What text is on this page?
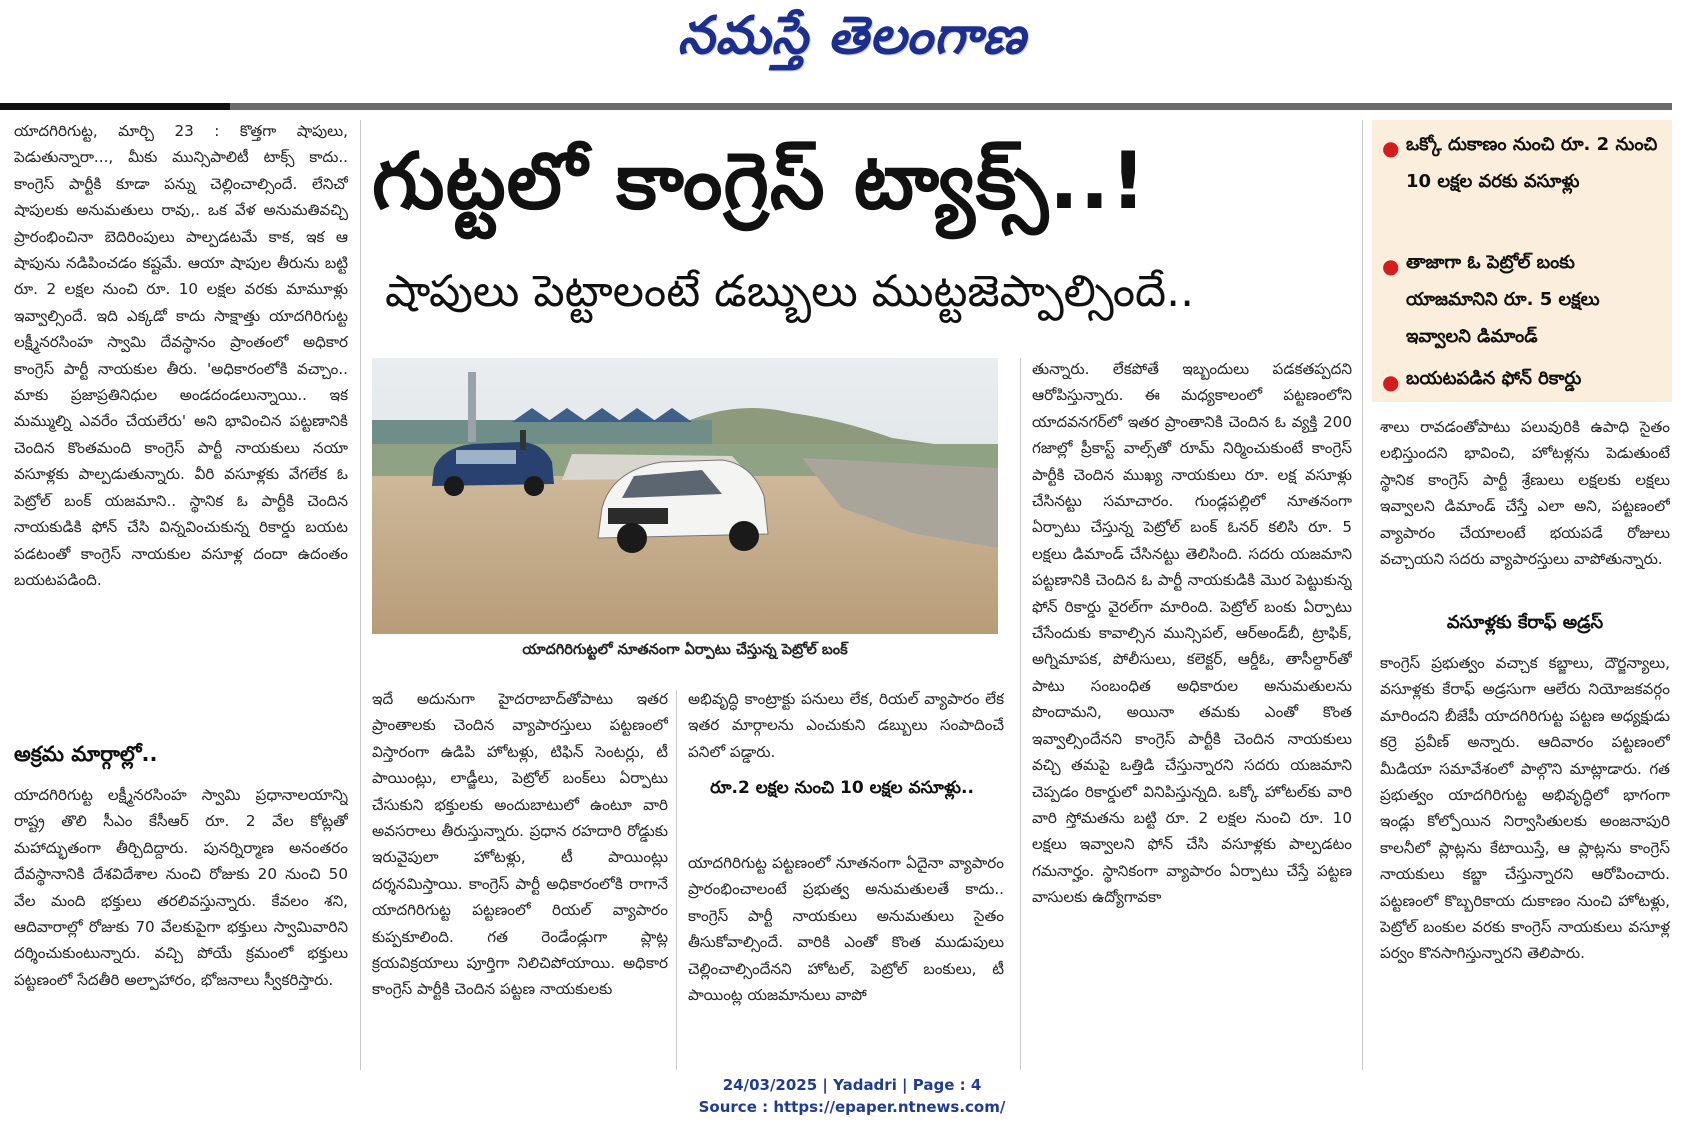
నమస్తే తెలంగాణ
యాదగిరిగుట్ట, మార్చి 23 : కొత్తగా షాపులు, పెడుతున్నారా..., మీకు మున్సిపాలిటీ టాక్స్‌ కాదు.. కాంగ్రెస్‌ పార్టీకి కూడా పన్ను చెల్లించాల్సిందే. లేనిచో షాపులకు అనుమతులు రావు,. ఒక వేళ అనుమతివచ్చి ప్రారంభించినా బెదిరింపులు పాల్పడటమే కాక, ఇక ఆ షాపును నడిపించడం కష్టమే. ఆయా షాపుల తీరును బట్టి రూ. 2 లక్షల నుంచి రూ. 10 లక్షల వరకు మామూళ్లు ఇవ్వాల్సిందే. ఇది ఎక్కడో కాదు సాక్షాత్తు యాదగిరిగుట్ట లక్ష్మీనరసింహ స్వామి దేవస్థానం ప్రాంతంలో అధికార కాంగ్రెస్‌ పార్టీ నాయకుల తీరు. 'అధికారంలోకి వచ్చాం.. మాకు ప్రజాప్రతినిధుల అండదండలున్నాయి.. ఇక మమ్ముల్ని ఎవరేం చేయలేరు' అని భావించిన పట్టణానికి చెందిన కొంతమంది కాంగ్రెస్‌ పార్టీ నాయకులు నయా వసూళ్లకు పాల్పడుతున్నారు. వీరి వసూళ్లకు వేగలేక ఓ పెట్రోల్‌ బంక్‌ యజమాని.. స్థానిక ఓ పార్టీకి చెందిన నాయకుడికి ఫోన్‌ చేసి విన్నవించుకున్న రికార్డు బయట పడటంతో కాంగ్రెస్‌ నాయకుల వసూళ్ల దందా ఉదంతం బయటపడింది.
అక్రమ మార్గాల్లో..
యాదగిరిగుట్ట లక్ష్మీనరసింహ స్వామి ప్రధానాలయాన్ని రాష్ట్ర తొలి సీఎం కేసీఆర్‌ రూ. 2 వేల కోట్లతో మహాద్భుతంగా తీర్చిదిద్దారు. పునర్నిర్మాణ అనంతరం దేవస్థానానికి దేశవిదేశాల నుంచి రోజుకు 20 నుంచి 50 వేల మంది భక్తులు తరలివస్తున్నారు. కేవలం శని, ఆదివారాల్లో రోజుకు 70 వేలకుపైగా భక్తులు స్వామివారిని దర్శించుకుంటున్నారు. వచ్చి పోయే క్రమంలో భక్తులు పట్టణంలో సేదతీరి అల్పాహారం, భోజనాలు స్వీకరిస్తారు.
గుట్టలో కాంగ్రెస్‌ ట్యాక్స్‌..!
షాపులు పెట్టాలంటే డబ్బులు ముట్టజెప్పాల్సిందే..
యాదగిరిగుట్టలో నూతనంగా ఏర్పాటు చేస్తున్న పెట్రోల్‌ బంక్‌
ఇదే అదునుగా హైదరాబాద్‌తోపాటు ఇతర ప్రాంతాలకు చెందిన వ్యాపారస్తులు పట్టణంలో విస్తారంగా ఉడిపి హోటళ్లు, టిఫిన్‌ సెంటర్లు, టీ పాయింట్లు, లాడ్జీలు, పెట్రోల్‌ బంక్‌లు ఏర్పాటు చేసుకుని భక్తులకు అందుబాటులో ఉంటూ వారి అవసరాలు తీరుస్తున్నారు. ప్రధాన రహదారి రోడ్డుకు ఇరువైపులా హోటళ్లు, టీ పాయింట్లు దర్శనమిస్తాయి. కాంగ్రెస్‌ పార్టీ అధికారంలోకి రాగానే యాదగిరిగుట్ట పట్టణంలో రియల్‌ వ్యాపారం కుప్పకూలింది. గత రెండేండ్లుగా ప్లాట్ల క్రయవిక్రయాలు పూర్తిగా నిలిచిపోయాయి. అధికార కాంగ్రెస్‌ పార్టీకి చెందిన పట్టణ నాయకులకు
అభివృద్ధి కాంట్రాక్టు పనులు లేక, రియల్‌ వ్యాపారం లేక ఇతర మార్గాలను ఎంచుకుని డబ్బులు సంపాదించే పనిలో పడ్డారు.
రూ.2 లక్షల నుంచి 10 లక్షల వసూళ్లు..
యాదగిరిగుట్ట పట్టణంలో నూతనంగా ఏదైనా వ్యాపారం ప్రారంభించాలంటే ప్రభుత్వ అనుమతులతే కాదు.. కాంగ్రెస్‌ పార్టీ నాయకులు అనుమతులు సైతం తీసుకోవాల్సిందే. వారికి ఎంతో కొంత ముడుపులు చెల్లించాల్సిందేనని హోటల్‌, పెట్రోల్‌ బంకులు, టీ పాయింట్ల యజమానులు వాపో
తున్నారు. లేకపోతే ఇబ్బందులు పడకతప్పదని ఆరోపిస్తున్నారు. ఈ మధ్యకాలంలో పట్టణంలోని యాదవనగర్‌లో ఇతర ప్రాంతానికి చెందిన ఓ వ్యక్తి 200 గజాల్లో ప్రీకాస్ట్‌ వాల్స్‌తో రూమ్‌ నిర్మించుకుంటే కాంగ్రెస్‌ పార్టీకి చెందిన ముఖ్య నాయకులు రూ. లక్ష వసూళ్లు చేసినట్టు సమాచారం. గుండ్లపల్లిలో నూతనంగా ఏర్పాటు చేస్తున్న పెట్రోల్‌ బంక్‌ ఓనర్‌ కలిసి రూ. 5 లక్షలు డిమాండ్‌ చేసినట్టు తెలిసింది. సదరు యజమాని పట్టణానికి చెందిన ఓ పార్టీ నాయకుడికి మొర పెట్టుకున్న ఫోన్‌ రికార్డు వైరల్‌గా మారింది. పెట్రోల్‌ బంకు ఏర్పాటు చేసేందుకు కావాల్సిన మున్సిపల్‌, ఆర్‌అండ్‌బీ, ట్రాఫిక్‌, అగ్నిమాపక, పోలీసులు, కలెక్టర్‌, ఆర్డీఓ, తాసీల్దార్‌తో పాటు సంబంధిత అధికారుల అనుమతులను పొందామని, అయినా తమకు ఎంతో కొంత ఇవ్వాల్సిందేనని కాంగ్రెస్‌ పార్టీకి చెందిన నాయకులు వచ్చి తమపై ఒత్తిడి చేస్తున్నారని సదరు యజమాని చెప్పడం రికార్డులో వినిపిస్తున్నది. ఒక్కో హోటల్‌కు వారి వారి స్తోమతను బట్టి రూ. 2 లక్షల నుంచి రూ. 10 లక్షలు ఇవ్వాలని ఫోన్‌ చేసి వసూళ్లకు పాల్పడటం గమనార్హం. స్థానికంగా వ్యాపారం ఏర్పాటు చేస్తే పట్టణ వాసులకు ఉద్యోగావకా
● ఒక్కో దుకాణం నుంచి రూ. 2 నుంచి 10 లక్షల వరకు వసూళ్లు
● తాజాగా ఓ పెట్రోల్‌ బంకు యాజమానిని రూ. 5 లక్షలు ఇవ్వాలని డిమాండ్‌
● బయటపడిన ఫోన్‌ రికార్డు
శాలు రావడంతోపాటు పలువురికి ఉపాధి సైతం లభిస్తుందని భావించి, హోటళ్లను పెడుతుంటే స్థానిక కాంగ్రెస్‌ పార్టీ శ్రేణులు లక్షలకు లక్షలు ఇవ్వాలని డిమాండ్‌ చేస్తే ఎలా అని, పట్టణంలో వ్యాపారం చేయాలంటే భయపడే రోజులు వచ్చాయని సదరు వ్యాపారస్తులు వాపోతున్నారు.
వసూళ్లకు కేరాఫ్‌ అడ్రస్‌
కాంగ్రెస్‌ ప్రభుత్వం వచ్చాక కబ్జాలు, దౌర్జన్యాలు, వసూళ్లకు కేరాఫ్‌ అడ్రసుగా ఆలేరు నియోజకవర్గం మారిందని బీజేపీ యాదగిరిగుట్ట పట్టణ అధ్యక్షుడు కర్రె ప్రవీణ్‌ అన్నారు. ఆదివారం పట్టణంలో మీడియా సమావేశంలో పాల్గొని మాట్లాడారు. గత ప్రభుత్వం యాదగిరిగుట్ట అభివృద్ధిలో భాగంగా ఇండ్లు కోల్పోయిన నిర్వాసితులకు అంజనాపురి కాలనీలో ప్లాట్లను కేటాయిస్తే, ఆ ప్లాట్లను కాంగ్రెస్‌ నాయకులు కబ్జా చేస్తున్నారని ఆరోపించారు. పట్టణంలో కొబ్బరికాయ దుకాణం నుంచి హోటళ్లు, పెట్రోల్‌ బంకుల వరకు కాంగ్రెస్‌ నాయకులు వసూళ్ల పర్వం కొనసాగిస్తున్నారని తెలిపారు.
24/03/2025 | Yadadri | Page : 4
Source : https://epaper.ntnews.com/
